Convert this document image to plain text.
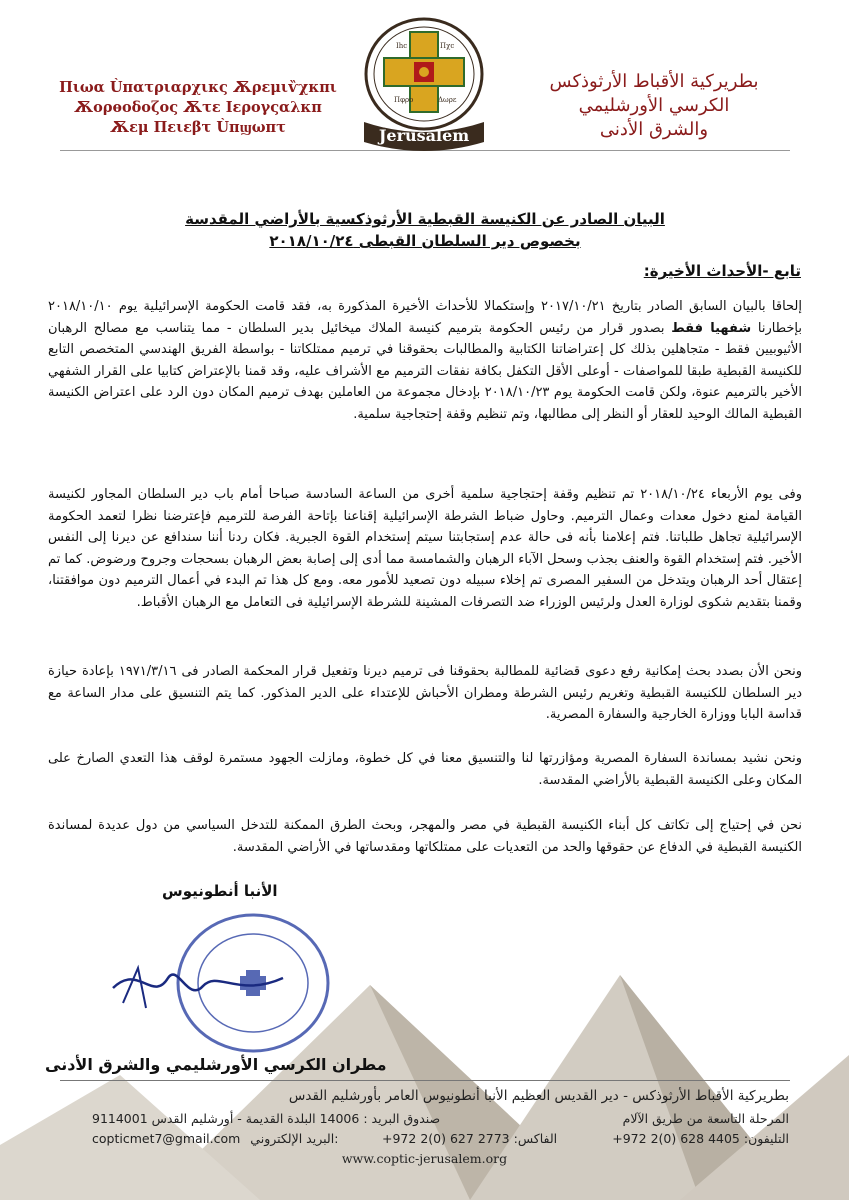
Πιωα Ùπατριαρχικς Ѫρεμιѷχκπι
Ѫορѳοδοζος Ѫτε Ιερογςαλκπ
Ѫεμ Πειεβτ Ùπϣωπτ
بطريركية الأقباط الأرثوذكس
الكرسي الأورشليمي
والشرق الأدنى
Ιhc	Πχc
Πφρο	Δωρε
Jerusalem
البيان الصادر عن الكنيسة القبطية الأرثوذكسية بالأراضي المقدسة
بخصوص دير السلطان القبطى ٢٠١٨/١٠/٢٤
تابع -الأحداث الأخيرة:
إلحاقا بالبيان السابق الصادر بتاريخ ٢٠١٧/١٠/٢١ وإستكمالا للأحداث الأخيرة المذكورة به، فقد قامت الحكومة الإسرائيلية يوم ٢٠١٨/١٠/١٠ بإخطارنا شفهيا فقط بصدور قرار من رئيس الحكومة بترميم كنيسة الملاك ميخائيل بدير السلطان - مما يتناسب مع مصالح الرهبان الأثيوبيين فقط - متجاهلين بذلك كل إعتراضاتنا الكتابية والمطالبات بحقوقنا في ترميم ممتلكاتنا - بواسطة الفريق الهندسي المتخصص التابع للكنيسة القبطية طبقا للمواصفات - أوعلى الأقل التكفل بكافة نفقات الترميم مع الأشراف عليه، وقد قمنا بالإعتراض كتابيا على القرار الشفهي الأخير بالترميم عنوة، ولكن قامت الحكومة يوم ٢٠١٨/١٠/٢٣ بإدخال مجموعة من العاملين بهدف ترميم المكان دون الرد على اعتراض الكنيسة القبطية المالك الوحيد للعقار أو النظر إلى مطالبها، وتم تنظيم وقفة إحتجاجية سلمية.
وفى يوم الأربعاء ٢٠١٨/١٠/٢٤ تم تنظيم وقفة إحتجاجية سلمية أخرى من الساعة السادسة صباحا أمام باب دير السلطان المجاور لكنيسة القيامة لمنع دخول معدات وعمال الترميم. وحاول ضباط الشرطة الإسرائيلية إقناعنا بإتاحة الفرصة للترميم فإعترضنا نظرا لتعمد الحكومة الإسرائيلية تجاهل طلباتنا. فتم إعلامنا بأنه فى حالة عدم إستجابتنا سيتم إستخدام القوة الجبرية. فكان ردنا أننا سندافع عن ديرنا إلى النفس الأخير. فتم إستخدام القوة والعنف بجذب وسحل الآباء الرهبان والشمامسة مما أدى إلى إصابة بعض الرهبان بسحجات وجروح ورضوض. كما تم إعتقال أحد الرهبان ويتدخل من السفير المصرى تم إخلاء سبيله دون تصعيد للأمور معه. ومع كل هذا تم البدء في أعمال الترميم دون موافقتنا، وقمنا بتقديم شكوى لوزارة العدل ولرئيس الوزراء ضد التصرفات المشينة للشرطة الإسرائيلية فى التعامل مع الرهبان الأقباط.
ونحن الأن بصدد بحث إمكانية رفع دعوى قضائية للمطالبة بحقوقنا فى ترميم ديرنا وتفعيل قرار المحكمة الصادر فى ١٩٧١/٣/١٦ بإعادة حيازة دير السلطان للكنيسة القبطية وتغريم رئيس الشرطة ومطران الأحباش للإعتداء على الدير المذكور. كما يتم التنسيق على مدار الساعة مع قداسة البابا ووزارة الخارجية والسفارة المصرية.
ونحن نشيد بمساندة السفارة المصرية ومؤازرتها لنا والتنسيق معنا في كل خطوة، ومازلت الجهود مستمرة لوقف هذا التعدي الصارخ على المكان وعلى الكنيسة القبطية بالأراضي المقدسة.
نحن في إحتياج إلى تكاتف كل أبناء الكنيسة القبطية في مصر والمهجر، وبحث الطرق الممكنة للتدخل السياسي من دول عديدة لمساندة الكنيسة القبطية في الدفاع عن حقوقها والحد من التعديات على ممتلكاتها ومقدساتها في الأراضي المقدسة.
الأنبا أنطونيوس
مطران الكرسي الأورشليمي والشرق الأدنى
بطريركية الأقباط الأرثوذكس - دير القديس العظيم الأنبا أنطونيوس العامر بأورشليم القدس
المرحلة التاسعة من طريق الآلام
صندوق البريد : 14006 البلدة القديمة - أورشليم القدس 9114001
التليفون: 4405 628 (0)2 972+
الفاكس: 2773 627 (0)2 972+
copticmet7@gmail.com البريد الإلكتروني:
www.coptic-jerusalem.org
